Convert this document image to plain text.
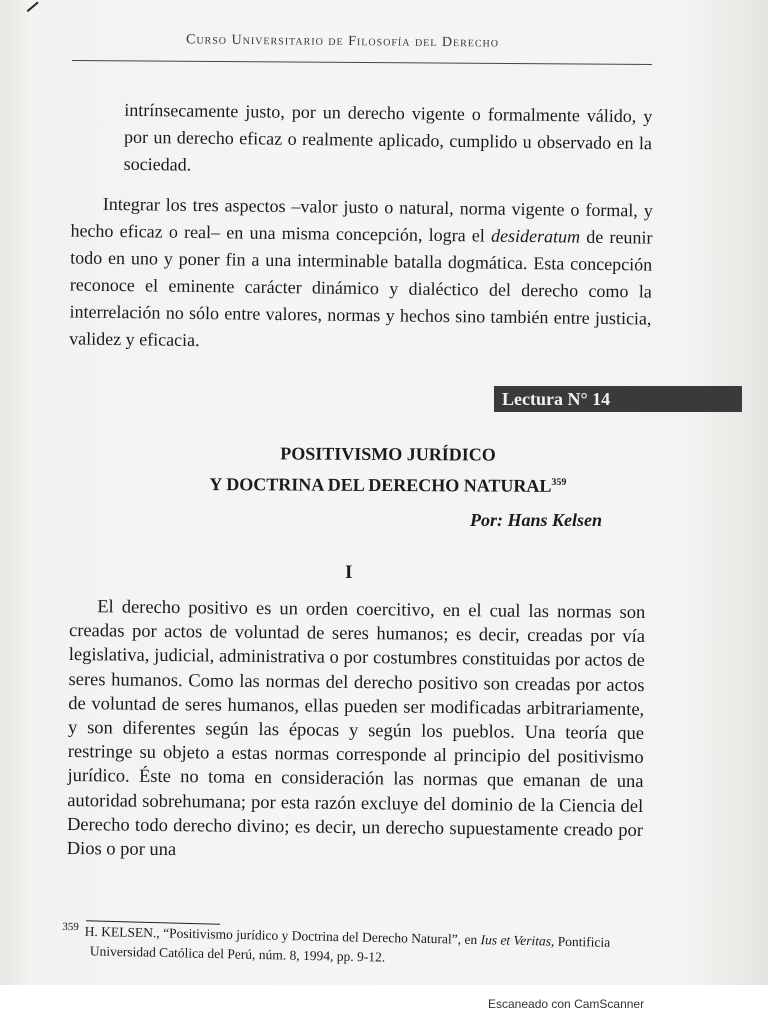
Curso Universitario de Filosofía del Derecho

intrínsecamente justo, por un derecho vigente o formalmente válido, y por un derecho eficaz o realmente aplicado, cumplido u observado en la sociedad.

Integrar los tres aspectos –valor justo o natural, norma vigente o formal, y hecho eficaz o real– en una misma concepción, logra el desideratum de reunir todo en uno y poner fin a una interminable batalla dogmática. Esta concepción reconoce el eminente carácter dinámico y dialéctico del derecho como la interrelación no sólo entre valores, normas y hechos sino también entre justicia, validez y eficacia.

Lectura N° 14
POSITIVISMO JURÍDICO
Y DOCTRINA DEL DERECHO NATURAL$^{359}$
Por: Hans Kelsen
I

El derecho positivo es un orden coercitivo, en el cual las normas son creadas por actos de voluntad de seres humanos; es decir, creadas por vía legislativa, judicial, administrativa o por costumbres constituidas por actos de seres humanos. Como las normas del derecho positivo son creadas por actos de voluntad de seres humanos, ellas pueden ser modificadas arbitrariamente, y son diferentes según las épocas y según los pueblos. Una teoría que restringe su objeto a estas normas corresponde al principio del positivismo jurídico. Éste no toma en consideración las normas que emanan de una autoridad sobrehumana; por esta razón excluye del dominio de la Ciencia del Derecho todo derecho divino; es decir, un derecho supuestamente creado por Dios o por una

$^{359}$ H. KELSEN., “Positivismo jurídico y Doctrina del Derecho Natural”, en Ius et Veritas, Pontificia
Universidad Católica del Perú, núm. 8, 1994, pp. 9-12.

Escaneado con CamScanner
